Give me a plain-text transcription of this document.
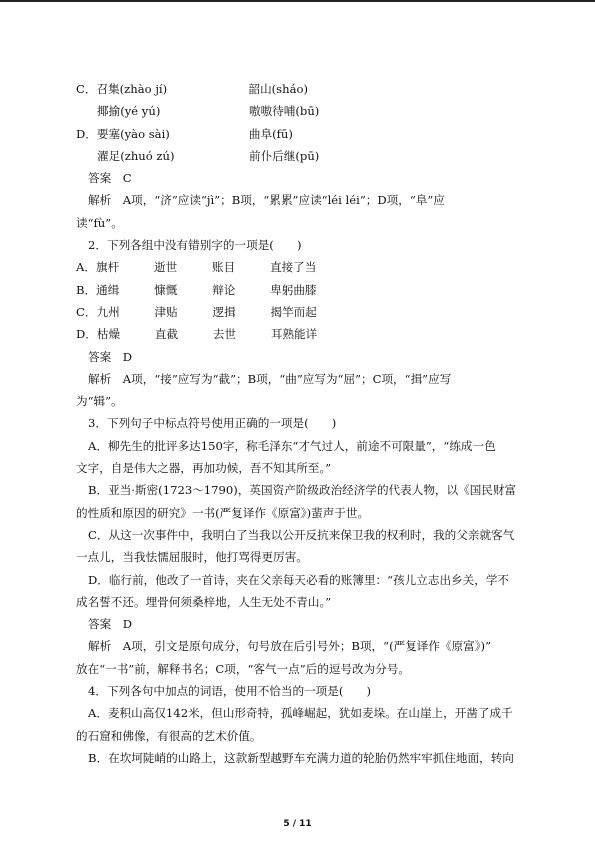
C．召集(zhào jí)	韶山(sháo)
揶揄(yé yú)	嗷嗷待哺(bū)
D．要塞(yào sài)	曲阜(fū)
濯足(zhuó zú)	前仆后继(pū)
答案　C
解析　A项，“济”应读“jì”；B项，“累累”应读“léi léi”；D项，“阜”应
读“fù”。
2．下列各组中没有错别字的一项是(　　)
A．旗杆	逝世	账目	直接了当
B．通缉	慷慨	辩论	卑躬曲膝
C．九州	津贴	逻揖	揭竿而起
D．枯燥	直截	去世	耳熟能详
答案　D
解析　A项，“接”应写为“截”；B项，“曲”应写为“屈”；C项，“揖”应写
为“辑”。
3．下列句子中标点符号使用正确的一项是(　　)
A．柳先生的批评多达150字，称毛泽东“才气过人，前途不可限量”，“练成一色
文字，自是伟大之器，再加功候，吾不知其所至。”
B．亚当·斯密(1723～1790)，英国资产阶级政治经济学的代表人物，以《国民财富
的性质和原因的研究》一书(严复译作《原富》)蜚声于世。
C．从这一次事件中，我明白了当我以公开反抗来保卫我的权利时，我的父亲就客气
一点儿，当我怯懦屈服时，他打骂得更厉害。
D．临行前，他改了一首诗，夹在父亲每天必看的账簿里：“孩儿立志出乡关，学不
成名誓不还。埋骨何须桑梓地，人生无处不青山。”
答案　D
解析　A项，引文是原句成分，句号放在后引号外；B项，“(严复译作《原富》)”
放在“一书”前，解释书名；C项，“客气一点”后的逗号改为分号。
4．下列各句中加点的词语，使用不恰当的一项是(　　)
A．麦积山高仅142米，但山形奇特，孤峰崛起，犹如麦垛。在山崖上，开凿了成千
的石窟和佛像，有很高的艺术价值。
B．在坎坷陡峭的山路上，这款新型越野车充满力道的轮胎仍然牢牢抓住地面，转向
5 / 11
